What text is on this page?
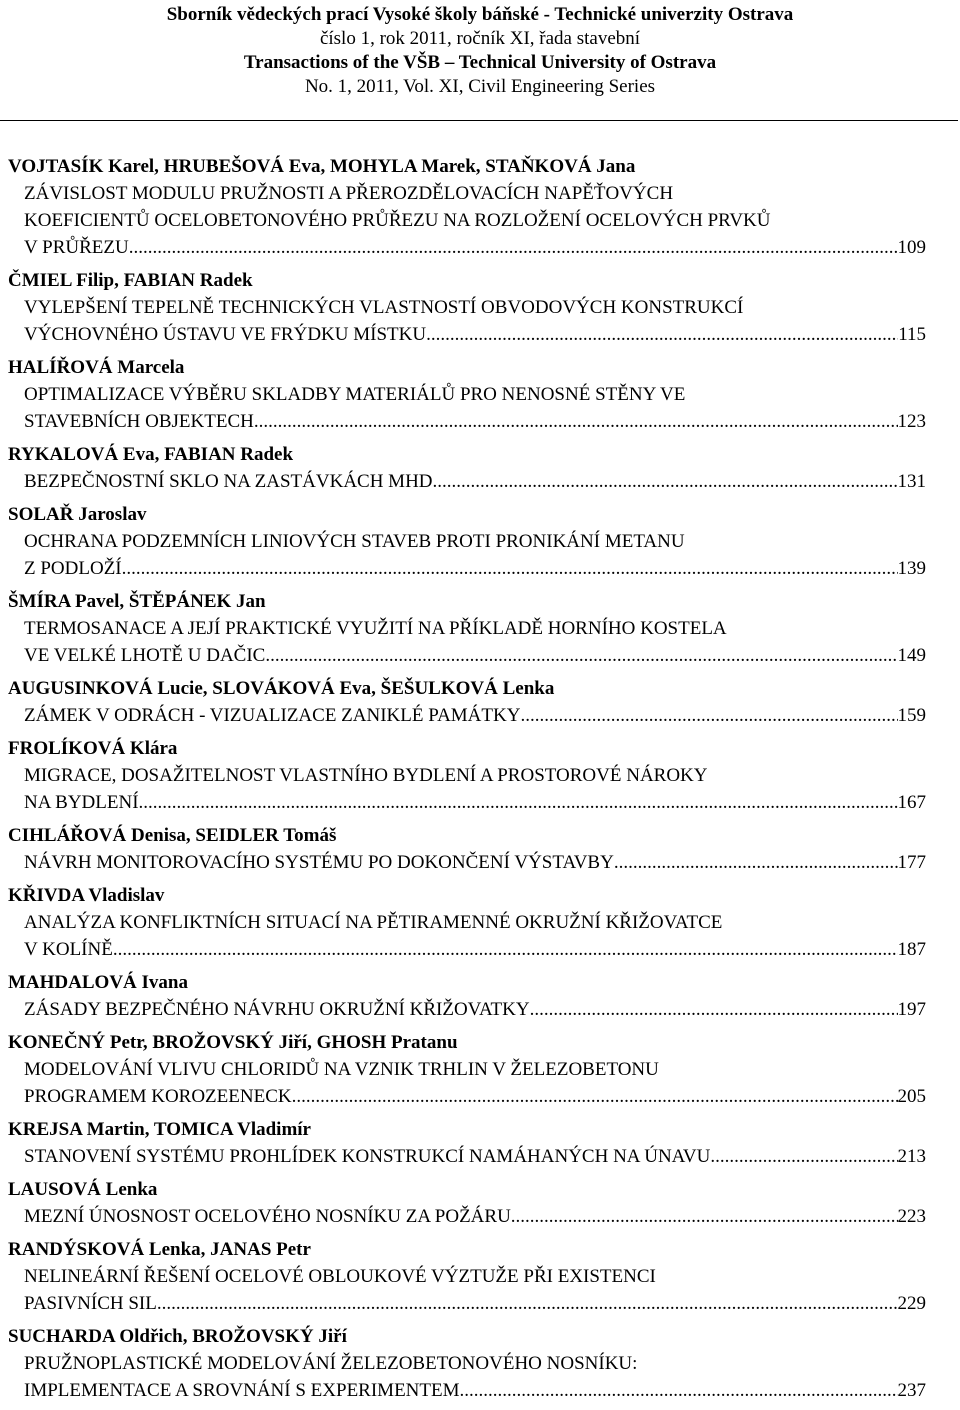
Sborník vědeckých prací Vysoké školy báňské - Technické univerzity Ostrava
číslo 1, rok 2011, ročník XI, řada stavební
Transactions of the VŠB – Technical University of Ostrava
No. 1, 2011, Vol. XI, Civil Engineering Series
VOJTASÍK Karel, HRUBEŠOVÁ Eva, MOHYLA Marek, STAŇKOVÁ Jana
ZÁVISLOST MODULU PRUŽNOSTI A PŘEROZDĚLOVACÍCH NAPĚŤOVÝCH
KOEFICIENTŮ OCELOBETONOVÉHO PRŮŘEZU NA ROZLOŽENÍ OCELOVÝCH PRVKŮ
V PRŮŘEZU .....	109
ČMIEL Filip, FABIAN Radek
VYLEPŠENÍ TEPELNĚ TECHNICKÝCH VLASTNOSTÍ OBVODOVÝCH KONSTRUKCÍ
VÝCHOVNÉHO ÚSTAVU VE FRÝDKU MÍSTKU .....	115
HALÍŘOVÁ Marcela
OPTIMALIZACE VÝBĚRU SKLADBY MATERIÁLŮ PRO NENOSNÉ STĚNY VE
STAVEBNÍCH OBJEKTECH .....	123
RYKALOVÁ Eva, FABIAN Radek
BEZPEČNOSTNÍ SKLO NA ZASTÁVKÁCH MHD .....	131
SOLAŘ Jaroslav
OCHRANA PODZEMNÍCH LINIOVÝCH STAVEB PROTI PRONIKÁNÍ METANU
Z PODLOŽÍ .....	139
ŠMÍRA Pavel, ŠTĚPÁNEK Jan
TERMOSANACE A JEJÍ PRAKTICKÉ VYUŽITÍ NA PŘÍKLADĚ HORNÍHO KOSTELA
VE VELKÉ LHOTĚ U DAČIC .....	149
AUGUSINKOVÁ Lucie, SLOVÁKOVÁ Eva, ŠEŠULKOVÁ Lenka
ZÁMEK V ODRÁCH - VIZUALIZACE ZANIKLÉ PAMÁTKY .....	159
FROLÍKOVÁ Klára
MIGRACE, DOSAŽITELNOST VLASTNÍHO BYDLENÍ A PROSTOROVÉ NÁROKY
NA BYDLENÍ .....	167
CIHLÁŘOVÁ Denisa, SEIDLER Tomáš
NÁVRH MONITOROVACÍHO SYSTÉMU PO DOKONČENÍ VÝSTAVBY .....	177
KŘIVDA Vladislav
ANALÝZA KONFLIKTNÍCH SITUACÍ NA PĚTIRAMENNÉ OKRUŽNÍ KŘIŽOVATCE
V KOLÍNĚ .....	187
MAHDALOVÁ Ivana
ZÁSADY BEZPEČNÉHO NÁVRHU OKRUŽNÍ KŘIŽOVATKY .....	197
KONEČNÝ Petr, BROŽOVSKÝ Jiří, GHOSH Pratanu
MODELOVÁNÍ VLIVU CHLORIDŮ NA VZNIK TRHLIN V ŽELEZOBETONU
PROGRAMEM KOROZEENECK .....	205
KREJSA Martin, TOMICA Vladimír
STANOVENÍ SYSTÉMU PROHLÍDEK KONSTRUKCÍ NAMÁHANÝCH NA ÚNAVU .....	213
LAUSOVÁ Lenka
MEZNÍ ÚNOSNOST OCELOVÉHO NOSNÍKU ZA POŽÁRU .....	223
RANDÝSKOVÁ Lenka, JANAS Petr
NELINEÁRNÍ ŘEŠENÍ OCELOVÉ OBLOUKOVÉ VÝZTUŽE PŘI EXISTENCI
PASIVNÍCH SIL .....	229
SUCHARDA Oldřich, BROŽOVSKÝ Jiří
PRUŽNOPLASTICKÉ MODELOVÁNÍ ŽELEZOBETONOVÉHO NOSNÍKU:
IMPLEMENTACE A SROVNÁNÍ S EXPERIMENTEM .....	237
